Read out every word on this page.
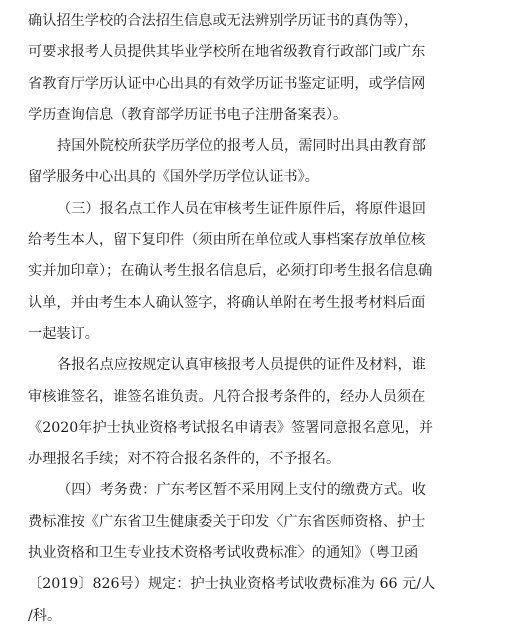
确认招生学校的合法招生信息或无法辨别学历证书的真伪等），
可要求报考人员提供其毕业学校所在地省级教育行政部门或广东
省教育厅学历认证中心出具的有效学历证书鉴定证明，或学信网
学历查询信息（教育部学历证书电子注册备案表）。
持国外院校所获学历学位的报考人员，需同时出具由教育部
留学服务中心出具的《国外学历学位认证书》。
（三）报名点工作人员在审核考生证件原件后，将原件退回
给考生本人，留下复印件（须由所在单位或人事档案存放单位核
实并加印章）；在确认考生报名信息后，必须打印考生报名信息确
认单，并由考生本人确认签字，将确认单附在考生报考材料后面
一起装订。
各报名点应按规定认真审核报考人员提供的证件及材料，谁
审核谁签名，谁签名谁负责。凡符合报考条件的，经办人员须在
《2020年护士执业资格考试报名申请表》签署同意报名意见，并
办理报名手续；对不符合报名条件的，不予报名。
（四）考务费：广东考区暂不采用网上支付的缴费方式。收
费标准按《广东省卫生健康委关于印发〈广东省医师资格、护士
执业资格和卫生专业技术资格考试收费标准〉的通知》（粤卫函
〔2019〕826号）规定：护士执业资格考试收费标准为 66 元/人
/科。
